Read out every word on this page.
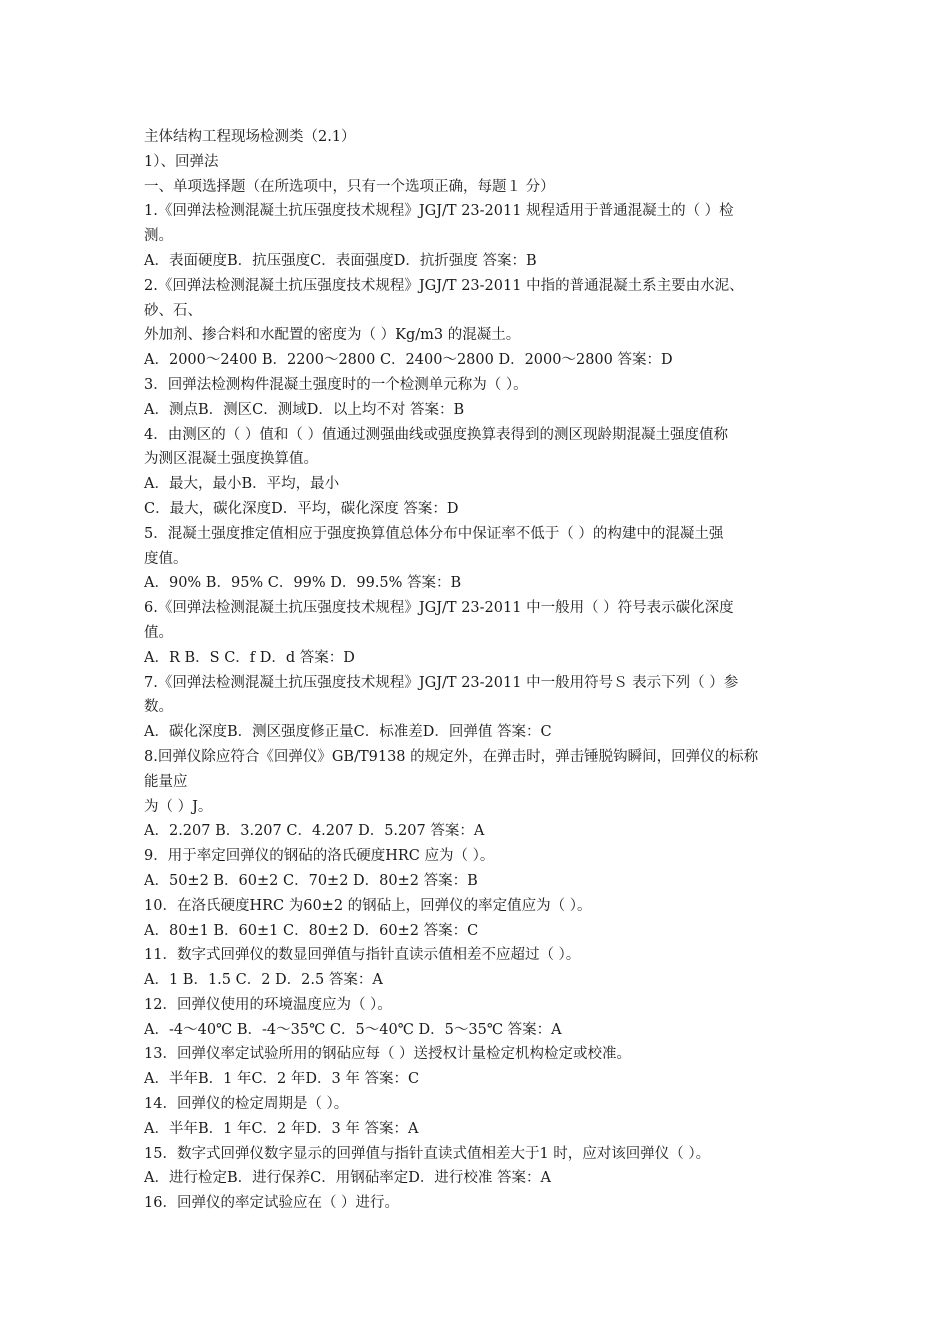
主体结构工程现场检测类（2.1）
1）、回弹法
一、单项选择题（在所选项中，只有一个选项正确，每题１ 分）
1.《回弹法检测混凝土抗压强度技术规程》JGJ/T 23-2011 规程适用于普通混凝土的（ ）检
测。
A．表面硬度B．抗压强度C．表面强度D．抗折强度 答案：B
2.《回弹法检测混凝土抗压强度技术规程》JGJ/T 23-2011 中指的普通混凝土系主要由水泥、
砂、石、
外加剂、掺合料和水配置的密度为（ ）Kg/m3 的混凝土。
A．2000～2400 B．2200～2800 C．2400～2800 D．2000～2800 答案：D
3．回弹法检测构件混凝土强度时的一个检测单元称为（ ）。
A．测点B．测区C．测域D．以上均不对 答案：B
4．由测区的（ ）值和（ ）值通过测强曲线或强度换算表得到的测区现龄期混凝土强度值称
为测区混凝土强度换算值。
A．最大，最小B．平均，最小
C．最大，碳化深度D．平均，碳化深度 答案：D
5．混凝土强度推定值相应于强度换算值总体分布中保证率不低于（ ）的构建中的混凝土强
度值。
A．90% B．95% C．99% D．99.5% 答案：B
6.《回弹法检测混凝土抗压强度技术规程》JGJ/T 23-2011 中一般用（ ）符号表示碳化深度
值。
A．R B．S C．f D．d 答案：D
7.《回弹法检测混凝土抗压强度技术规程》JGJ/T 23-2011 中一般用符号Ｓ 表示下列（ ）参
数。
A．碳化深度B．测区强度修正量C．标准差D．回弹值 答案：C
8.回弹仪除应符合《回弹仪》GB/T9138 的规定外，在弹击时，弹击锤脱钩瞬间，回弹仪的标称
能量应
为（ ）J。
A．2.207 B．3.207 C．4.207 D．5.207 答案：A
9．用于率定回弹仪的钢砧的洛氏硬度HRC 应为（ ）。
A．50±2 B．60±2 C．70±2 D．80±2 答案：B
10．在洛氏硬度HRC 为60±2 的钢砧上，回弹仪的率定值应为（ ）。
A．80±1 B．60±1 C．80±2 D．60±2 答案：C
11．数字式回弹仪的数显回弹值与指针直读示值相差不应超过（ ）。
A．1 B．1.5 C．2 D．2.5 答案：A
12．回弹仪使用的环境温度应为（ ）。
A．-4～40℃ B．-4～35℃ C．5～40℃ D．5～35℃ 答案：A
13．回弹仪率定试验所用的钢砧应每（ ）送授权计量检定机构检定或校准。
A．半年B．1 年C．2 年D．3 年 答案：C
14．回弹仪的检定周期是（ ）。
A．半年B．1 年C．2 年D．3 年 答案：A
15．数字式回弹仪数字显示的回弹值与指针直读式值相差大于1 时，应对该回弹仪（ ）。
A．进行检定B．进行保养C．用钢砧率定D．进行校准 答案：A
16．回弹仪的率定试验应在（ ）进行。
